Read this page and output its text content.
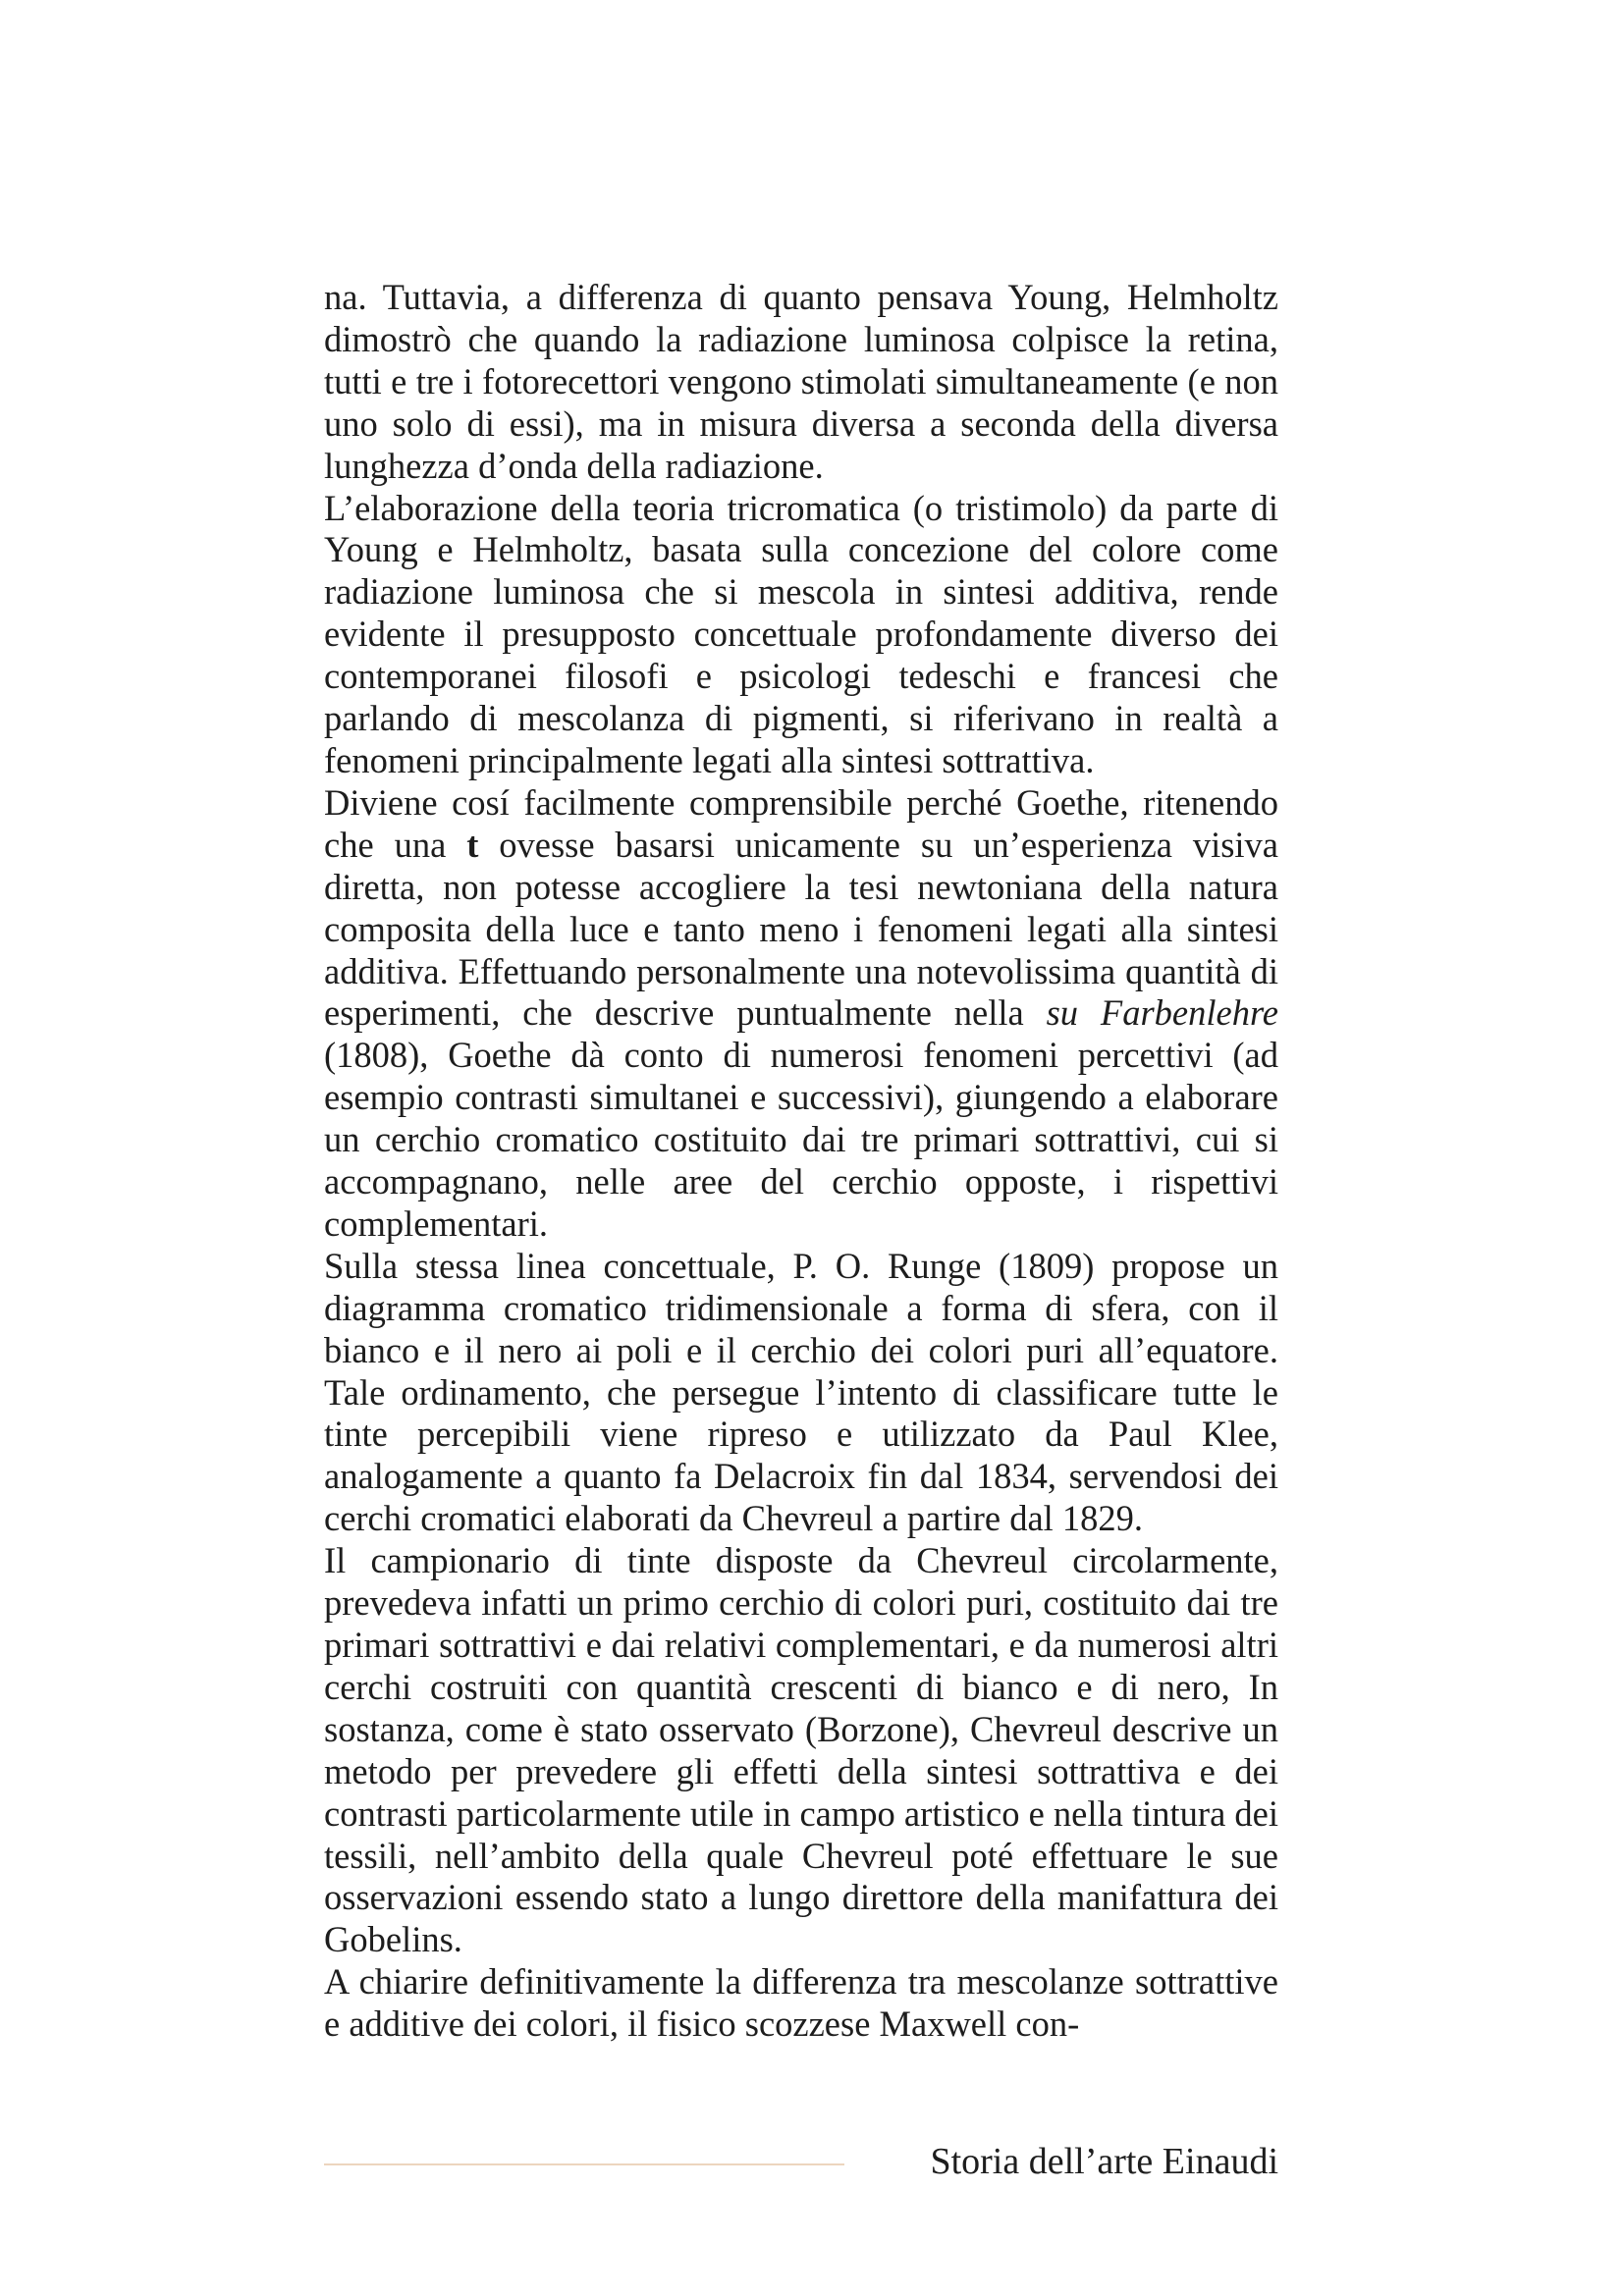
na. Tuttavia, a differenza di quanto pensava Young, Helmholtz dimostrò che quando la radiazione luminosa colpisce la retina, tutti e tre i fotorecettori vengono stimolati simultaneamente (e non uno solo di essi), ma in misura diversa a seconda della diversa lunghezza d’onda della radiazione.

L’elaborazione della teoria tricromatica (o tristimolo) da parte di Young e Helmholtz, basata sulla concezione del colore come radiazione luminosa che si mescola in sintesi additiva, rende evidente il presupposto concettuale profondamente diverso dei contemporanei filosofi e psicologi tedeschi e francesi che parlando di mescolanza di pigmenti, si riferivano in realtà a fenomeni principalmente legati alla sintesi sottrattiva.

Diviene cosí facilmente comprensibile perché Goethe, ritenendo che una t ovesse basarsi unicamente su un’esperienza visiva diretta, non potesse accogliere la tesi newtoniana della natura composita della luce e tanto meno i fenomeni legati alla sintesi additiva. Effettuando personalmente una notevolissima quantità di esperimenti, che descrive puntualmente nella su Farbenlehre (1808), Goethe dà conto di numerosi fenomeni percettivi (ad esempio contrasti simultanei e successivi), giungendo a elaborare un cerchio cromatico costituito dai tre primari sottrattivi, cui si accompagnano, nelle aree del cerchio opposte, i rispettivi complementari.

Sulla stessa linea concettuale, P. O. Runge (1809) propose un diagramma cromatico tridimensionale a forma di sfera, con il bianco e il nero ai poli e il cerchio dei colori puri all’equatore. Tale ordinamento, che persegue l’intento di classificare tutte le tinte percepibili viene ripreso e utilizzato da Paul Klee, analogamente a quanto fa Delacroix fin dal 1834, servendosi dei cerchi cromatici elaborati da Chevreul a partire dal 1829.

Il campionario di tinte disposte da Chevreul circolarmente, prevedeva infatti un primo cerchio di colori puri, costituito dai tre primari sottrattivi e dai relativi complementari, e da numerosi altri cerchi costruiti con quantità crescenti di bianco e di nero, In sostanza, come è stato osservato (Borzone), Chevreul descrive un metodo per prevedere gli effetti della sintesi sottrattiva e dei contrasti particolarmente utile in campo artistico e nella tintura dei tessili, nell’ambito della quale Chevreul poté effettuare le sue osservazioni essendo stato a lungo direttore della manifattura dei Gobelins.

A chiarire definitivamente la differenza tra mescolanze sottrattive e additive dei colori, il fisico scozzese Maxwell con-

Storia dell’arte Einaudi
